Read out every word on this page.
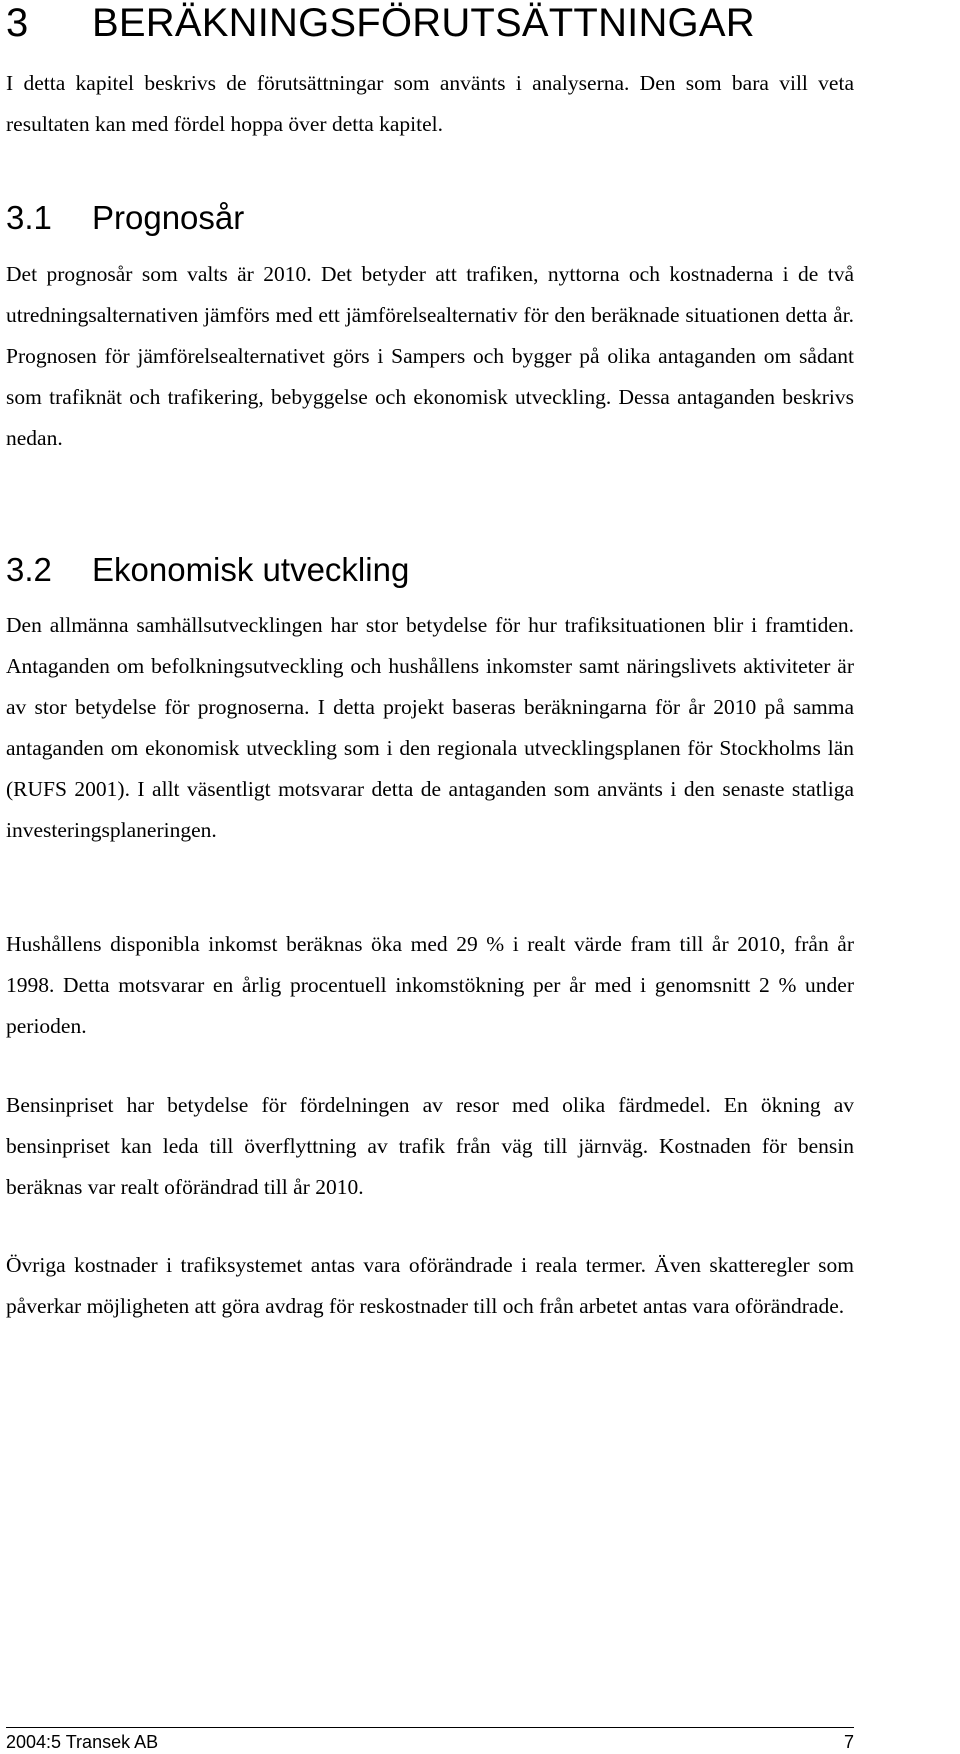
3 BERÄKNINGSFÖRUTSÄTTNINGAR

I detta kapitel beskrivs de förutsättningar som använts i analyserna. Den som bara vill veta resultaten kan med fördel hoppa över detta kapitel.

3.1 Prognosår

Det prognosår som valts är 2010. Det betyder att trafiken, nyttorna och kostnaderna i de två utredningsalternativen jämförs med ett jämförelsealternativ för den beräknade situationen detta år. Prognosen för jämförelsealternativet görs i Sampers och bygger på olika antaganden om sådant som trafiknät och trafikering, bebyggelse och ekonomisk utveckling. Dessa antaganden beskrivs nedan.

3.2 Ekonomisk utveckling

Den allmänna samhällsutvecklingen har stor betydelse för hur trafiksituationen blir i framtiden. Antaganden om befolkningsutveckling och hushållens inkomster samt näringslivets aktiviteter är av stor betydelse för prognoserna. I detta projekt baseras beräkningarna för år 2010 på samma antaganden om ekonomisk utveckling som i den regionala utvecklingsplanen för Stockholms län (RUFS 2001). I allt väsentligt motsvarar detta de antaganden som använts i den senaste statliga investeringsplaneringen.

Hushållens disponibla inkomst beräknas öka med 29 % i realt värde fram till år 2010, från år 1998. Detta motsvarar en årlig procentuell inkomstökning per år med i genomsnitt 2 % under perioden.

Bensinpriset har betydelse för fördelningen av resor med olika färdmedel. En ökning av bensinpriset kan leda till överflyttning av trafik från väg till järnväg. Kostnaden för bensin beräknas var realt oförändrad till år 2010.

Övriga kostnader i trafiksystemet antas vara oförändrade i reala termer. Även skatteregler som påverkar möjligheten att göra avdrag för reskostnader till och från arbetet antas vara oförändrade.

2004:5 Transek AB	7
